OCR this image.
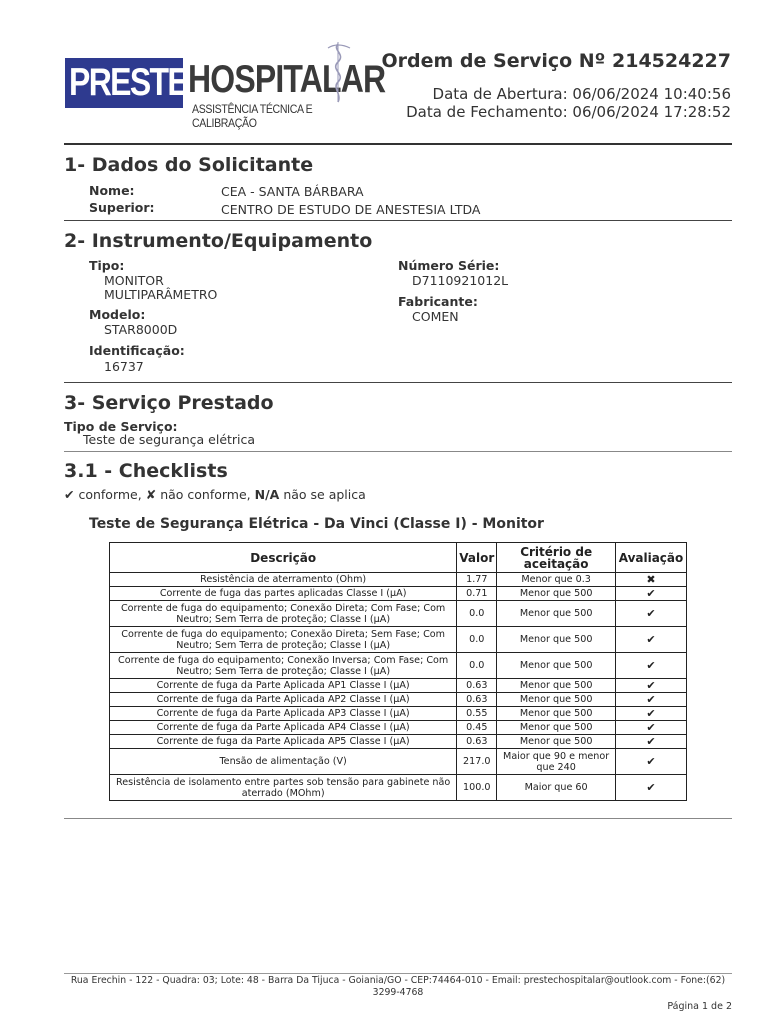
PRESTEC
HOSPITALAR
ASSISTÊNCIA TÉCNICA E CALIBRAÇÃO
Ordem de Serviço Nº 214524227
Data de Abertura: 06/06/2024 10:40:56
Data de Fechamento: 06/06/2024 17:28:52
1- Dados do Solicitante
Nome:	CEA - SANTA BÁRBARA
Superior:	CENTRO DE ESTUDO DE ANESTESIA LTDA
2- Instrumento/Equipamento
Tipo:
MONITOR
MULTIPARÂMETRO
Modelo:
STAR8000D
Identificação:
16737
Número Série:
D7110921012L
Fabricante:
COMEN
3- Serviço Prestado
Tipo de Serviço:
Teste de segurança elétrica
3.1 - Checklists
✔ conforme, ✘ não conforme, N/A não se aplica
Teste de Segurança Elétrica - Da Vinci (Classe I) - Monitor
Descrição	Valor	Critério de aceitação	Avaliação
Resistência de aterramento (Ohm)	1.77	Menor que 0.3	✖
Corrente de fuga das partes aplicadas Classe I (μA)	0.71	Menor que 500	✔
Corrente de fuga do equipamento; Conexão Direta; Com Fase; Com Neutro; Sem Terra de proteção; Classe I (μA)	0.0	Menor que 500	✔
Corrente de fuga do equipamento; Conexão Direta; Sem Fase; Com Neutro; Sem Terra de proteção; Classe I (μA)	0.0	Menor que 500	✔
Corrente de fuga do equipamento; Conexão Inversa; Com Fase; Com Neutro; Sem Terra de proteção; Classe I (μA)	0.0	Menor que 500	✔
Corrente de fuga da Parte Aplicada AP1 Classe I (μA)	0.63	Menor que 500	✔
Corrente de fuga da Parte Aplicada AP2 Classe I (μA)	0.63	Menor que 500	✔
Corrente de fuga da Parte Aplicada AP3 Classe I (μA)	0.55	Menor que 500	✔
Corrente de fuga da Parte Aplicada AP4 Classe I (μA)	0.45	Menor que 500	✔
Corrente de fuga da Parte Aplicada AP5 Classe I (μA)	0.63	Menor que 500	✔
Tensão de alimentação (V)	217.0	Maior que 90 e menor que 240	✔
Resistência de isolamento entre partes sob tensão para gabinete não aterrado (MOhm)	100.0	Maior que 60	✔
Rua Erechin - 122 - Quadra: 03; Lote: 48 - Barra Da Tijuca - Goiania/GO - CEP:74464-010 - Email: prestechospitalar@outlook.com - Fone:(62) 3299-4768
Página 1 de 2
